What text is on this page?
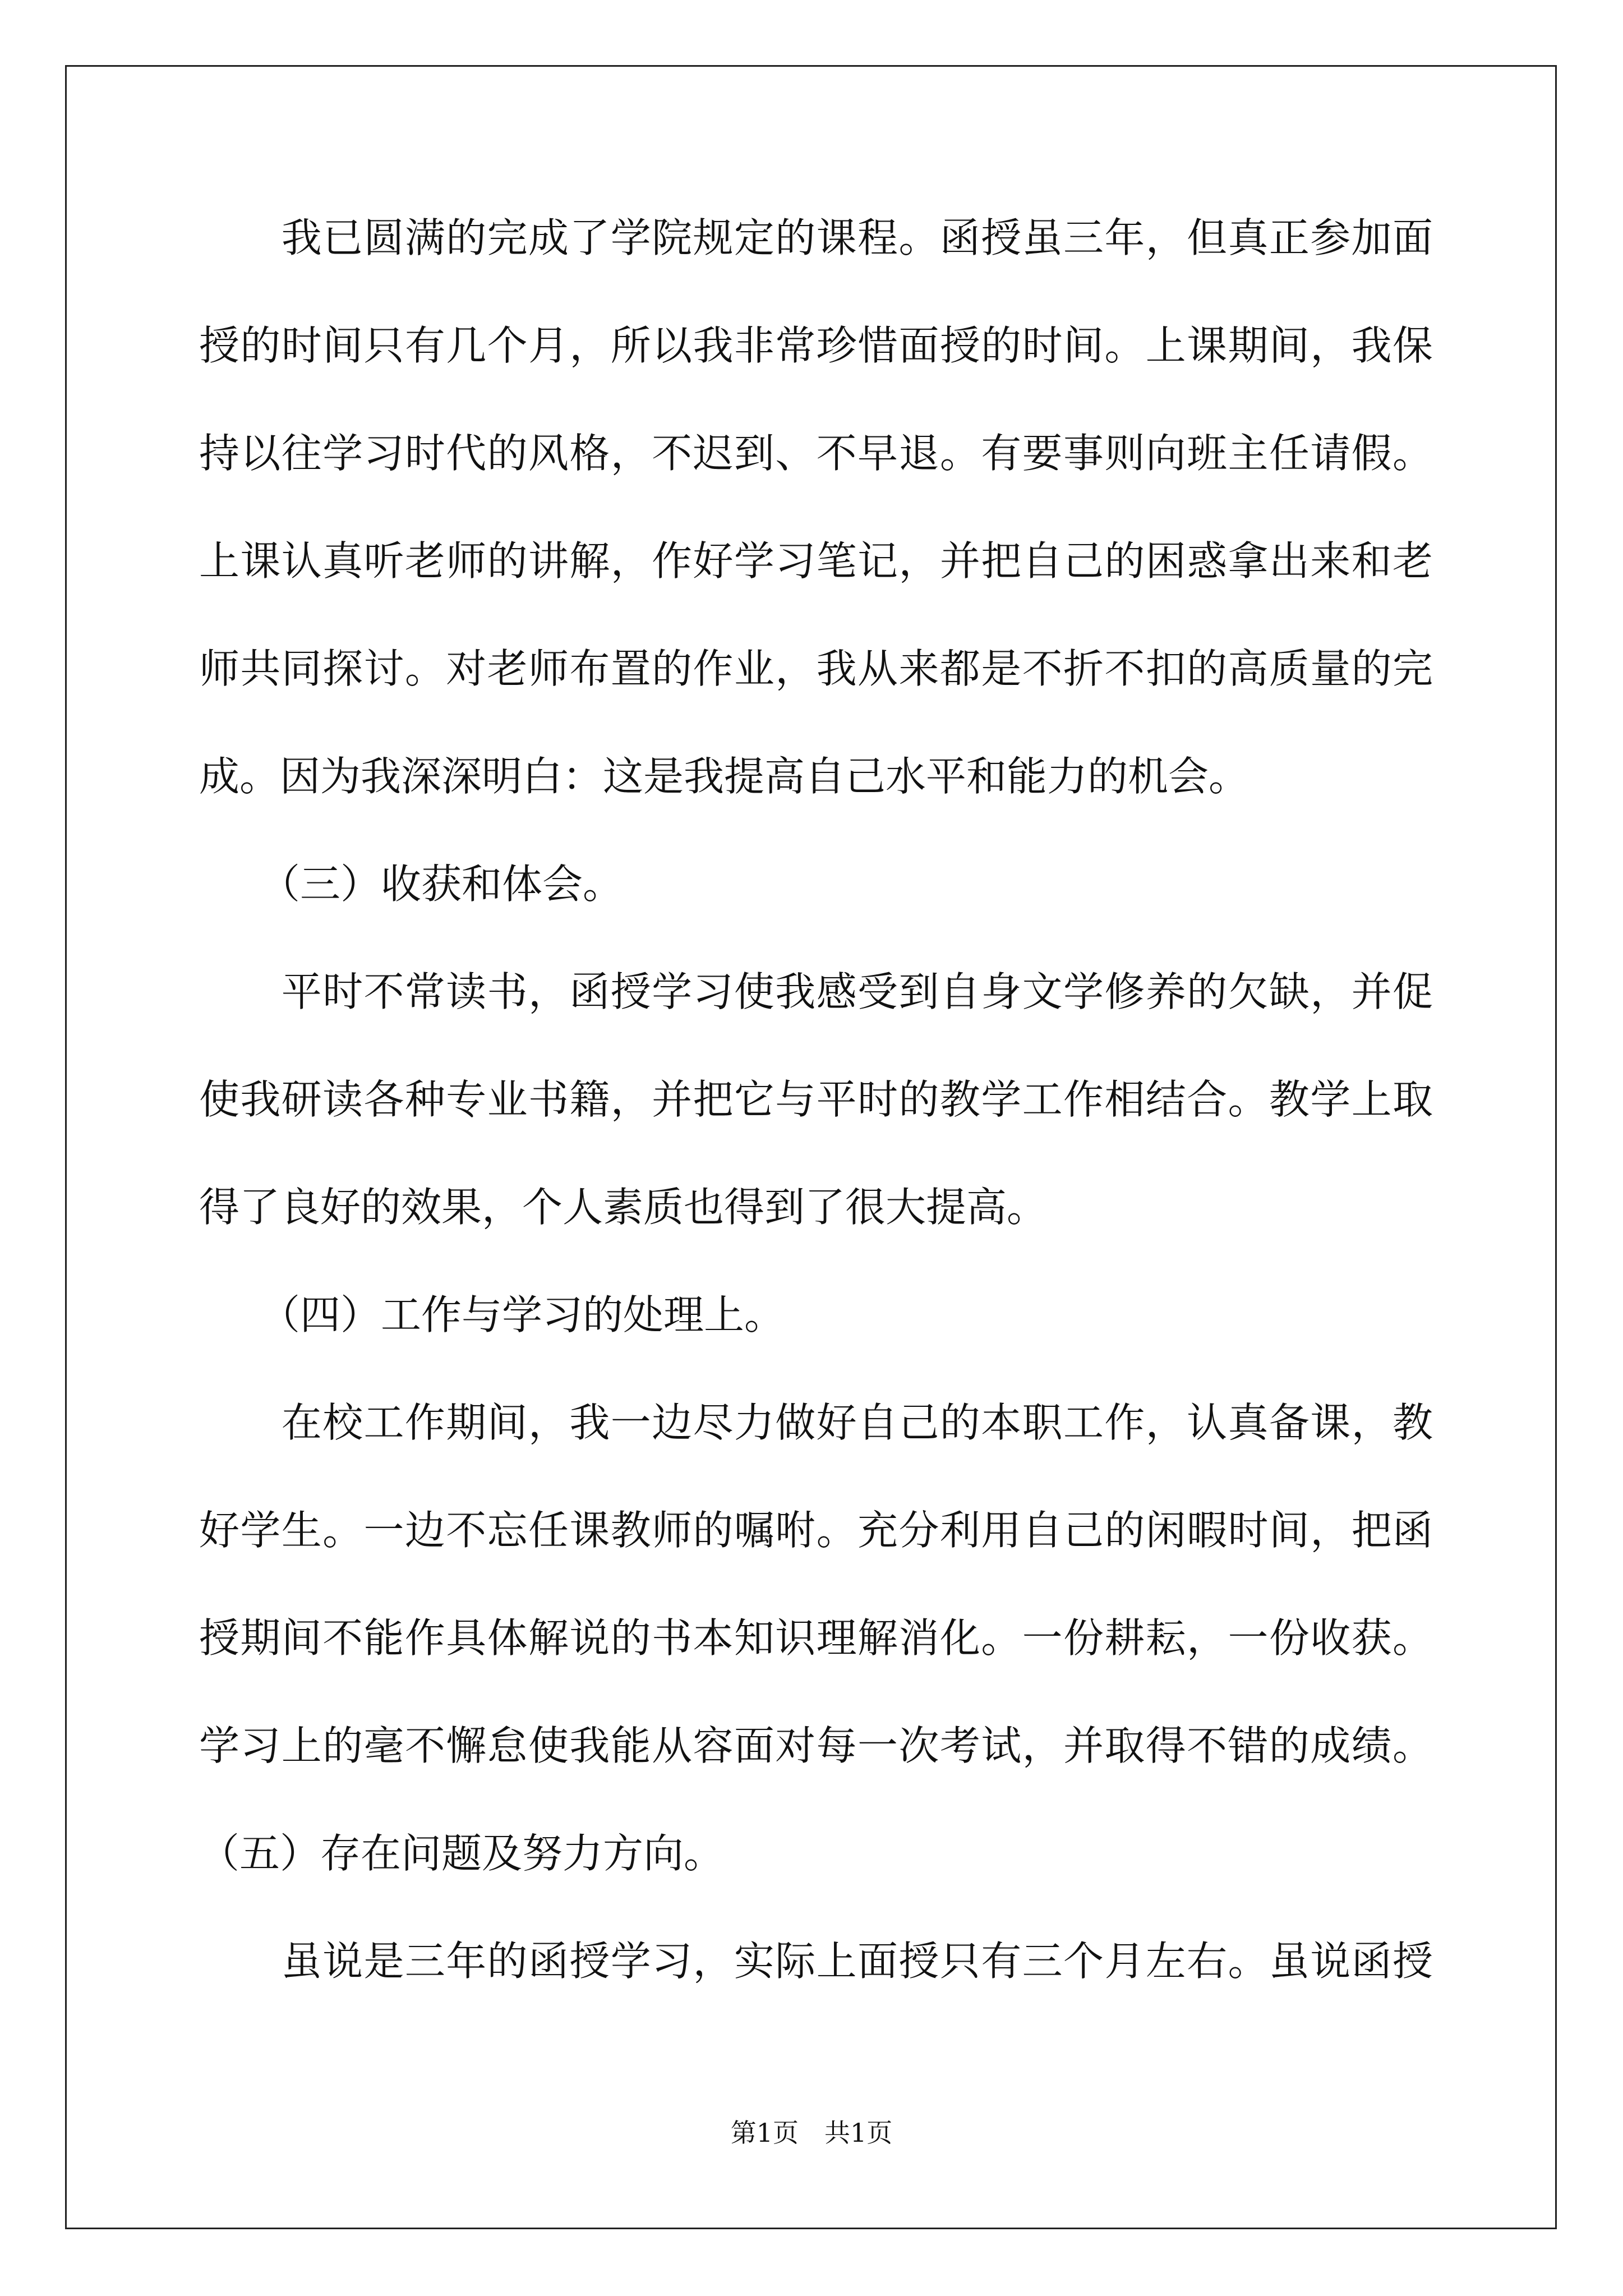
　　我已圆满的完成了学院规定的课程。函授虽三年，但真正参加面
授的时间只有几个月，所以我非常珍惜面授的时间。上课期间，我保
持以往学习时代的风格，不迟到、不早退。有要事则向班主任请假。
上课认真听老师的讲解，作好学习笔记，并把自己的困惑拿出来和老
师共同探讨。对老师布置的作业，我从来都是不折不扣的高质量的完
成。因为我深深明白：这是我提高自己水平和能力的机会。
　　（三）收获和体会。
　　平时不常读书，函授学习使我感受到自身文学修养的欠缺，并促
使我研读各种专业书籍，并把它与平时的教学工作相结合。教学上取
得了良好的效果，个人素质也得到了很大提高。
　　（四）工作与学习的处理上。
　　在校工作期间，我一边尽力做好自己的本职工作，认真备课，教
好学生。一边不忘任课教师的嘱咐。充分利用自己的闲暇时间，把函
授期间不能作具体解说的书本知识理解消化。一份耕耘，一份收获。
学习上的毫不懈怠使我能从容面对每一次考试，并取得不错的成绩。
（五）存在问题及努力方向。
　　虽说是三年的函授学习，实际上面授只有三个月左右。虽说函授
第1页　共1页
